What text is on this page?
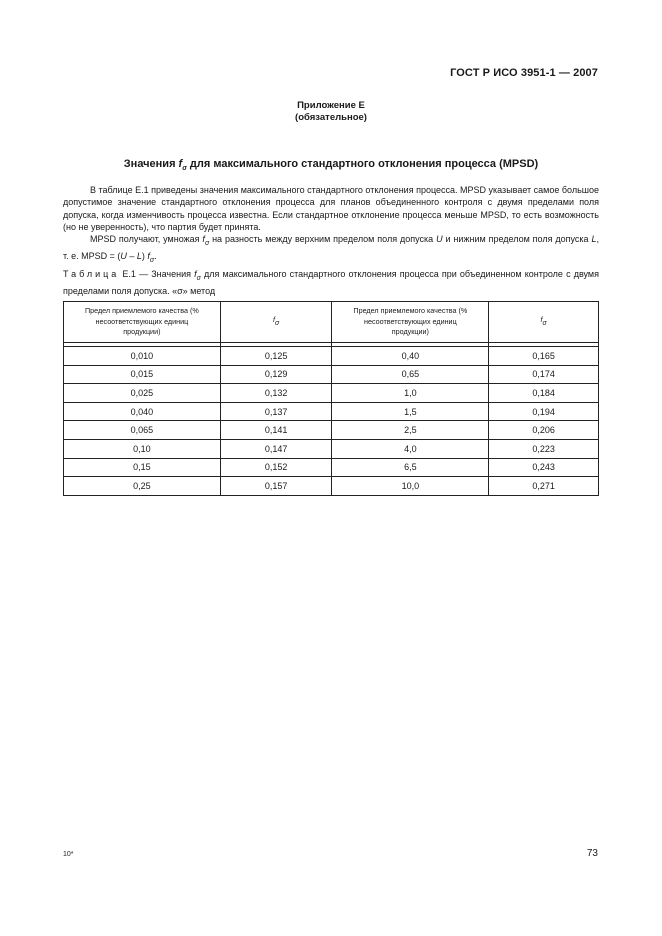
ГОСТ Р ИСО 3951-1 — 2007
Приложение Е
(обязательное)
Значения $f_\sigma$ для максимального стандартного отклонения процесса (MPSD)
В таблице Е.1 приведены значения максимального стандартного отклонения процесса. MPSD указывает самое большое допустимое значение стандартного отклонения процесса для планов объединенного контроля с двумя пределами поля допуска, когда изменчивость процесса известна. Если стандартное отклонение процесса меньше MPSD, то есть возможность (но не уверенность), что партия будет принята.
MPSD получают, умножая $f_\sigma$ на разность между верхним пределом поля допуска U и нижним пределом поля допуска L, т. е. MPSD = (U – L) $f_\sigma$.
Таблица Е.1 — Значения $f_\sigma$ для максимального стандартного отклонения процесса при объединенном контроле с двумя пределами поля допуска. «σ» метод
Предел приемлемого качества (% несоответствующих единиц продукции)	fσ	Предел приемлемого качества (% несоответствующих единиц продукции)	fσ

0,010	0,125	0,40	0,165
0,015	0,129	0,65	0,174
0,025	0,132	1,0	0,184
0,040	0,137	1,5	0,194
0,065	0,141	2,5	0,206
0,10	0,147	4,0	0,223
0,15	0,152	6,5	0,243
0,25	0,157	10,0	0,271
10*	73
